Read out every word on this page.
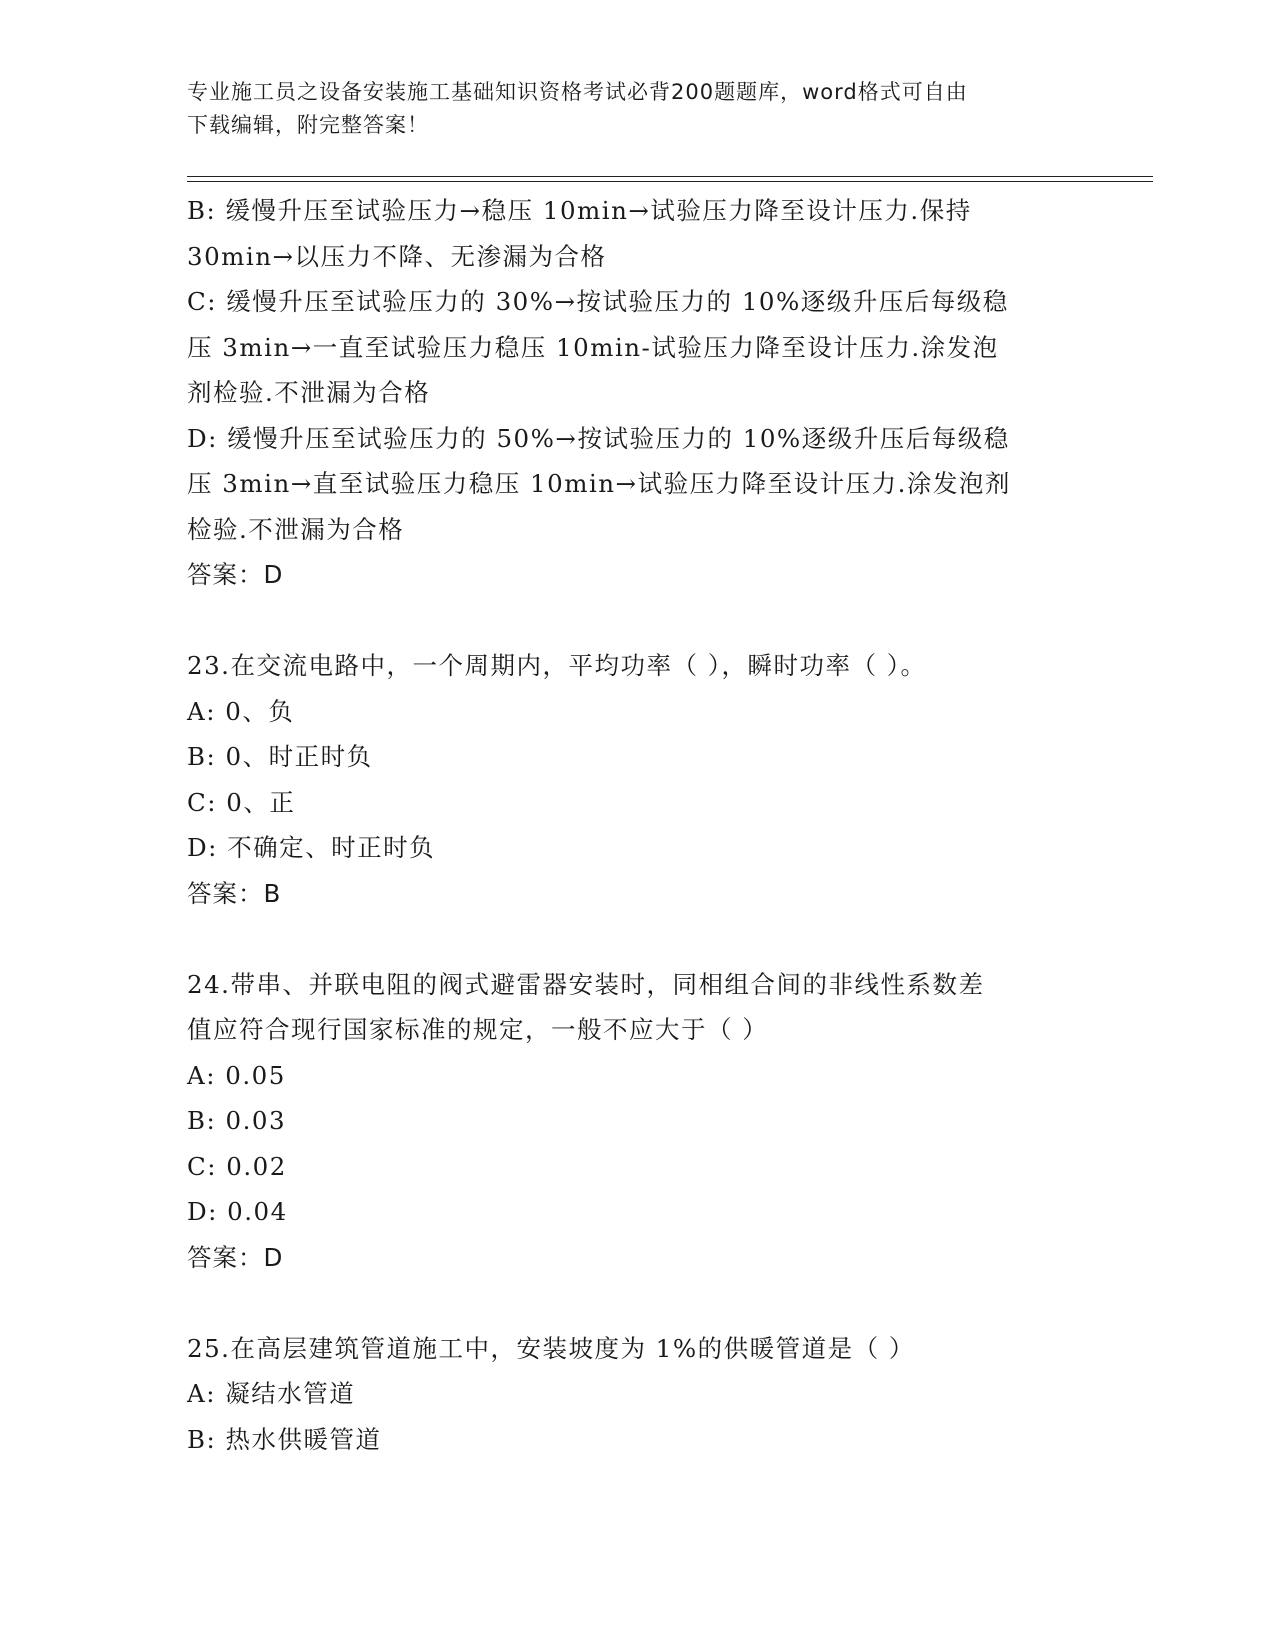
专业施工员之设备安装施工基础知识资格考试必背200题题库，word格式可自由
下载编辑，附完整答案！
B: 缓慢升压至试验压力→稳压 10min→试验压力降至设计压力.保持
30min→以压力不降、无渗漏为合格
C: 缓慢升压至试验压力的 30%→按试验压力的 10%逐级升压后每级稳
压 3min→一直至试验压力稳压 10min-试验压力降至设计压力.涂发泡
剂检验.不泄漏为合格
D: 缓慢升压至试验压力的 50%→按试验压力的 10%逐级升压后每级稳
压 3min→直至试验压力稳压 10min→试验压力降至设计压力.涂发泡剂
检验.不泄漏为合格
答案：D
23.在交流电路中，一个周期内，平均功率（ ），瞬时功率（ ）。
A: 0、负
B: 0、时正时负
C: 0、正
D: 不确定、时正时负
答案：B
24.带串、并联电阻的阀式避雷器安装时，同相组合间的非线性系数差
值应符合现行国家标准的规定，一般不应大于（ ）
A: 0.05
B: 0.03
C: 0.02
D: 0.04
答案：D
25.在高层建筑管道施工中，安装坡度为 1%的供暖管道是（ ）
A: 凝结水管道
B: 热水供暖管道
